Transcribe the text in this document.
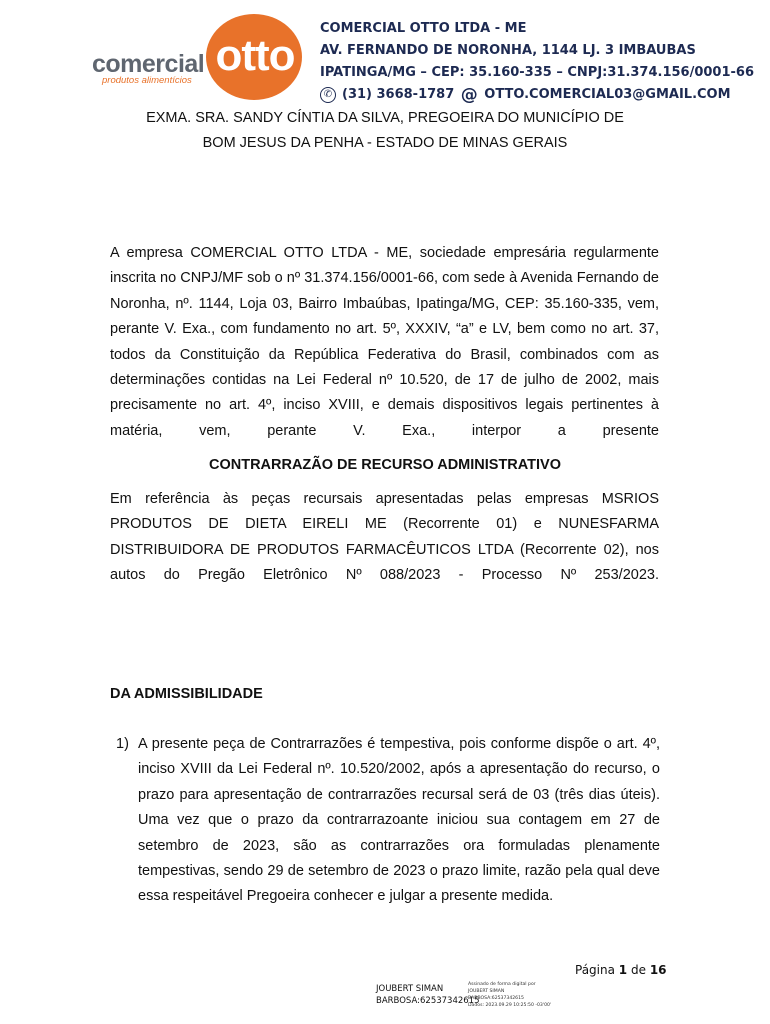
comercial
produtos alimentícios
otto
COMERCIAL OTTO LTDA - ME
AV. FERNANDO DE NORONHA, 1144 LJ. 3 IMBAUBAS
IPATINGA/MG – CEP: 35.160-335 – CNPJ:31.374.156/0001-66
✆ (31) 3668-1787 @ OTTO.COMERCIAL03@GMAIL.COM
EXMA. SRA. SANDY CÍNTIA DA SILVA, PREGOEIRA DO MUNICÍPIO DE
BOM JESUS DA PENHA - ESTADO DE MINAS GERAIS
A empresa COMERCIAL OTTO LTDA - ME, sociedade empresária regularmente inscrita no CNPJ/MF sob o nº 31.374.156/0001-66, com sede à Avenida Fernando de Noronha, nº. 1144, Loja 03, Bairro Imbaúbas, Ipatinga/MG, CEP: 35.160-335, vem, perante V. Exa., com fundamento no art. 5º, XXXIV, “a” e LV, bem como no art. 37, todos da Constituição da República Federativa do Brasil, combinados com as determinações contidas na Lei Federal nº 10.520, de 17 de julho de 2002, mais precisamente no art. 4º, inciso XVIII, e demais dispositivos legais pertinentes à matéria, vem, perante V. Exa., interpor a presente
CONTRARRAZÃO DE RECURSO ADMINISTRATIVO
Em referência às peças recursais apresentadas pelas empresas MSRIOS PRODUTOS DE DIETA EIRELI ME (Recorrente 01) e NUNESFARMA DISTRIBUIDORA DE PRODUTOS FARMACÊUTICOS LTDA (Recorrente 02), nos autos do Pregão Eletrônico Nº 088/2023 - Processo Nº 253/2023.
DA ADMISSIBILIDADE
1) A presente peça de Contrarrazões é tempestiva, pois conforme dispõe o art. 4º, inciso XVIII da Lei Federal nº. 10.520/2002, após a apresentação do recurso, o prazo para apresentação de contrarrazões recursal será de 03 (três dias úteis). Uma vez que o prazo da contrarrazoante iniciou sua contagem em 27 de setembro de 2023, são as contrarrazões ora formuladas plenamente tempestivas, sendo 29 de setembro de 2023 o prazo limite, razão pela qual deve essa respeitável Pregoeira conhecer e julgar a presente medida.
Página 1 de 16
JOUBERT SIMAN
BARBOSA:62537342615
Assinado de forma digital por
JOUBERT SIMAN
BARBOSA:62537342615
Dados: 2023.09.29 10:25:50 -03'00'
